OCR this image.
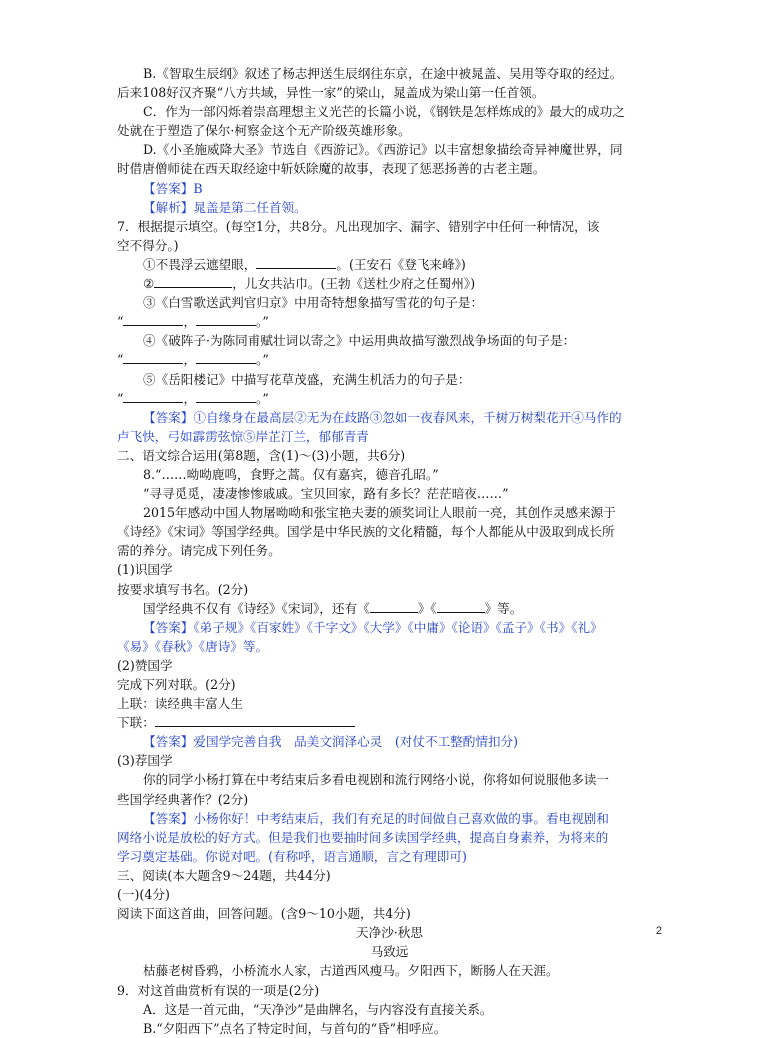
B.《智取生辰纲》叙述了杨志押送生辰纲往东京，在途中被晁盖、吴用等夺取的经过。
后来108好汉齐聚“八方共域，异性一家”的梁山，晁盖成为梁山第一任首领。
C．作为一部闪烁着崇高理想主义光芒的长篇小说，《钢铁是怎样炼成的》最大的成功之
处就在于塑造了保尔·柯察金这个无产阶级英雄形象。
D.《小圣施威降大圣》节选自《西游记》。《西游记》以丰富想象描绘奇异神魔世界，同
时借唐僧师徒在西天取经途中斩妖除魔的故事，表现了惩恶扬善的古老主题。
【答案】B
【解析】晁盖是第二任首领。
7．根据提示填空。(每空1分，共8分。凡出现加字、漏字、错别字中任何一种情况，该
空不得分。)
①不畏浮云遮望眼，	。(王安石《登飞来峰》)
②	，儿女共沾巾。(王勃《送杜少府之任蜀州》)
③《白雪歌送武判官归京》中用奇特想象描写雪花的句子是：
“	，	。”
④《破阵子·为陈同甫赋壮词以寄之》中运用典故描写激烈战争场面的句子是：
“	，	。”
⑤《岳阳楼记》中描写花草茂盛，充满生机活力的句子是：
“	，	。”
【答案】①自缘身在最高层②无为在歧路③忽如一夜春风来，千树万树梨花开④马作的
卢飞快，弓如霹雳弦惊⑤岸芷汀兰，郁郁青青
二、语文综合运用(第8题，含(1)～(3)小题，共6分)
8.“……呦呦鹿鸣，食野之蒿。仅有嘉宾，德音孔昭。”
“寻寻觅觅，凄凄惨惨戚戚。宝贝回家，路有多长？茫茫暗夜……”
2015年感动中国人物屠呦呦和张宝艳夫妻的颁奖词让人眼前一亮，其创作灵感来源于
《诗经》《宋词》等国学经典。国学是中华民族的文化精髓，每个人都能从中汲取到成长所
需的养分。请完成下列任务。
(1)识国学
按要求填写书名。(2分)
国学经典不仅有《诗经》《宋词》，还有《	》《	》等。
【答案】《弟子规》《百家姓》《千字文》《大学》《中庸》《论语》《孟子》《书》《礼》
《易》《春秋》《唐诗》等。
(2)赞国学
完成下列对联。(2分)
上联：读经典丰富人生
下联：
【答案】爱国学完善自我　品美文润泽心灵　(对仗不工整酌情扣分)
(3)荐国学
你的同学小杨打算在中考结束后多看电视剧和流行网络小说，你将如何说服他多读一
些国学经典著作？(2分)
【答案】小杨你好！中考结束后，我们有充足的时间做自己喜欢做的事。看电视剧和
网络小说是放松的好方式。但是我们也要抽时间多读国学经典，提高自身素养，为将来的
学习奠定基础。你说对吧。(有称呼，语言通顺，言之有理即可)
三、阅读(本大题含9～24题，共44分)
(一)(4分)
阅读下面这首曲，回答问题。(含9～10小题，共4分)
天净沙·秋思
马致远
枯藤老树昏鸦，小桥流水人家，古道西风瘦马。夕阳西下，断肠人在天涯。
9．对这首曲赏析有误的一项是(2分)
A．这是一首元曲，“天净沙”是曲牌名，与内容没有直接关系。
B.“夕阳西下”点名了特定时间，与首句的“昏”相呼应。
2
